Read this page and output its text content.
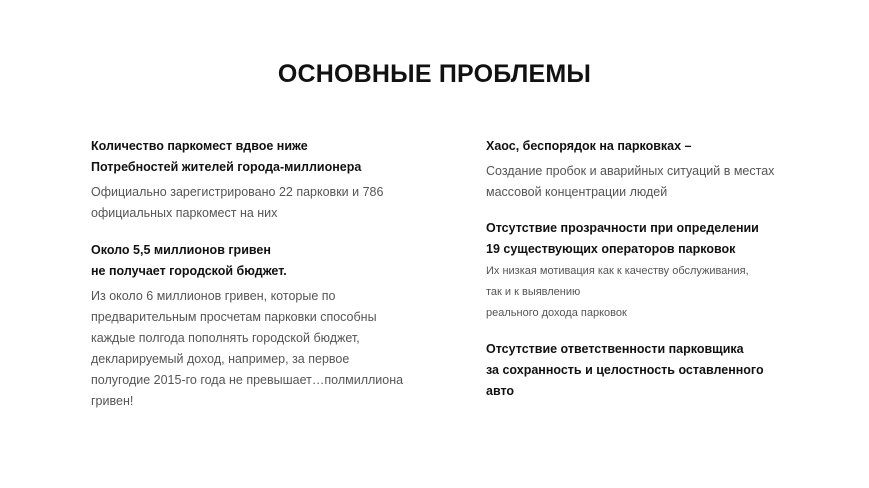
ОСНОВНЫЕ ПРОБЛЕМЫ
Количество паркомест вдвое ниже
Потребностей жителей города-миллионера
Официально зарегистрировано 22 парковки и 786
официальных паркомест на них
Около 5,5 миллионов гривен
не получает городской бюджет.
Из около 6 миллионов гривен, которые по
предварительным просчетам парковки способны
каждые полгода пополнять городской бюджет,
декларируемый доход, например, за первое
полугодие 2015-го года не превышает…полмиллиона
гривен!
Хаос, беспорядок на парковках –
Создание пробок и аварийных ситуаций в местах
массовой концентрации людей
Отсутствие прозрачности при определении
19 существующих операторов парковок
Их низкая мотивация как к качеству обслуживания,
так и к выявлению
реального дохода парковок
Отсутствие ответственности парковщика
за сохранность и целостность оставленного
авто
